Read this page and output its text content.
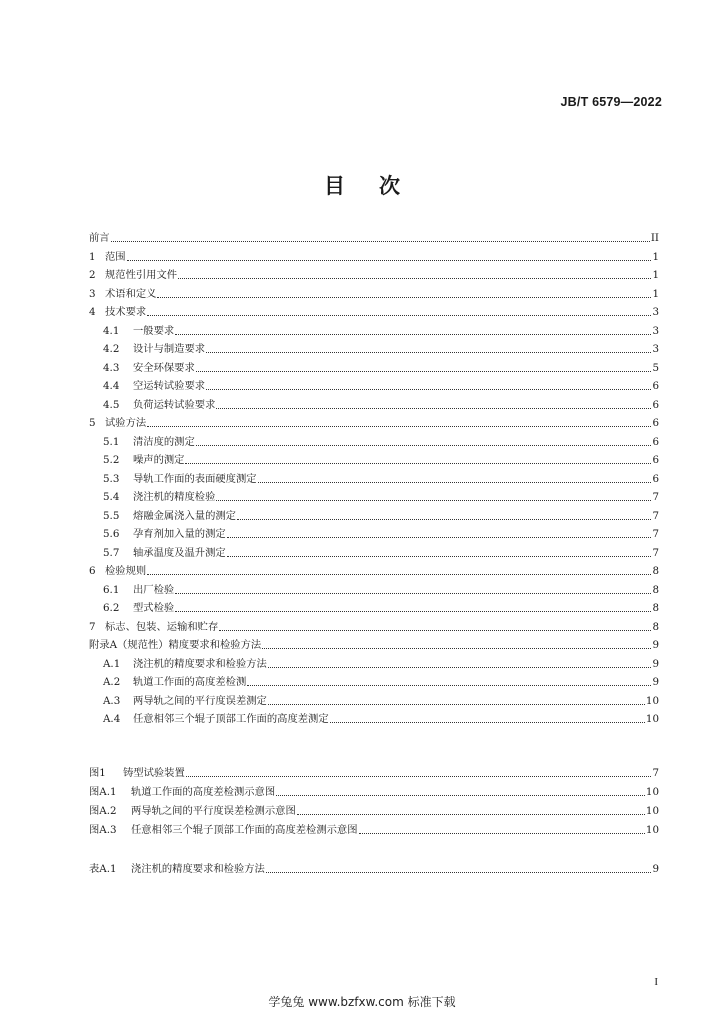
JB/T 6579—2022
目次
前言	II
1 范围	1
2 规范性引用文件	1
3 术语和定义	1
4 技术要求	3
4.1	一般要求	3
4.2	设计与制造要求	3
4.3	安全环保要求	5
4.4	空运转试验要求	6
4.5	负荷运转试验要求	6
5 试验方法	6
5.1	清洁度的测定	6
5.2	噪声的测定	6
5.3	导轨工作面的表面硬度测定	6
5.4	浇注机的精度检验	7
5.5	熔融金属浇入量的测定	7
5.6	孕育剂加入量的测定	7
5.7	轴承温度及温升测定	7
6 检验规则	8
6.1	出厂检验	8
6.2	型式检验	8
7 标志、包装、运输和贮存	8
附录A（规范性）精度要求和检验方法	9
A.1	浇注机的精度要求和检验方法	9
A.2	轨道工作面的高度差检测	9
A.3	两导轨之间的平行度误差测定	10
A.4	任意相邻三个辊子顶部工作面的高度差测定	10
图1	铸型试验装置	7
图A.1	轨道工作面的高度差检测示意图	10
图A.2	两导轨之间的平行度误差检测示意图	10
图A.3	任意相邻三个辊子顶部工作面的高度差检测示意图	10
表A.1	浇注机的精度要求和检验方法	9
I
学兔兔 www.bzfxw.com 标准下载
